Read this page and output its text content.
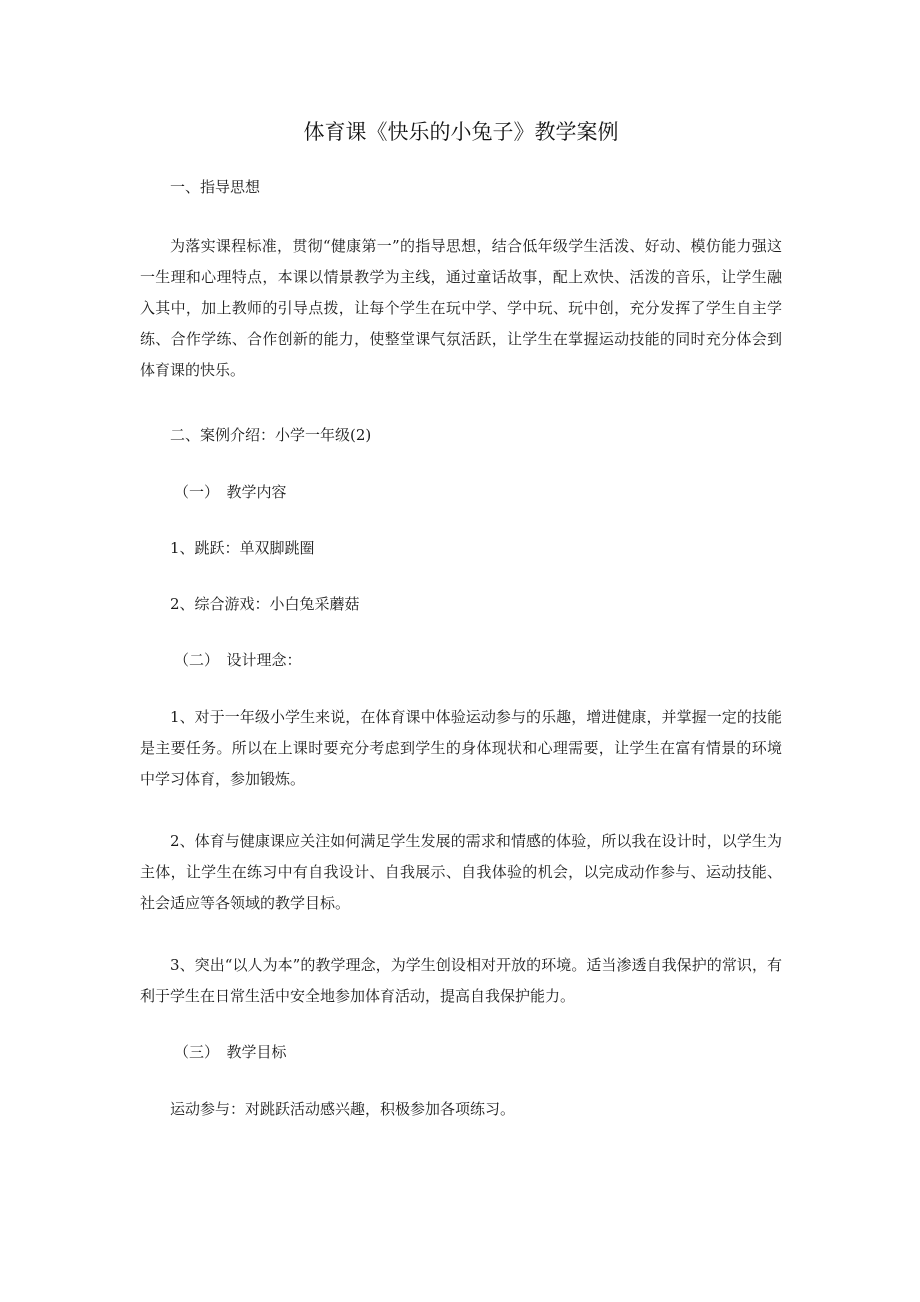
体育课《快乐的小兔子》教学案例

一、指导思想

为落实课程标准，贯彻“健康第一”的指导思想，结合低年级学生活泼、好动、模仿能力强这一生理和心理特点，本课以情景教学为主线，通过童话故事，配上欢快、活泼的音乐，让学生融入其中，加上教师的引导点拨，让每个学生在玩中学、学中玩、玩中创，充分发挥了学生自主学练、合作学练、合作创新的能力，使整堂课气氛活跃，让学生在掌握运动技能的同时充分体会到体育课的快乐。

二、案例介绍：小学一年级(2)

（一）　教学内容

1、跳跃：单双脚跳圈

2、综合游戏：小白兔采蘑菇

（二）　设计理念：

1、对于一年级小学生来说，在体育课中体验运动参与的乐趣，增进健康，并掌握一定的技能是主要任务。所以在上课时要充分考虑到学生的身体现状和心理需要，让学生在富有情景的环境中学习体育，参加锻炼。

2、体育与健康课应关注如何满足学生发展的需求和情感的体验，所以我在设计时，以学生为主体，让学生在练习中有自我设计、自我展示、自我体验的机会，以完成动作参与、运动技能、社会适应等各领域的教学目标。

3、突出“以人为本”的教学理念，为学生创设相对开放的环境。适当渗透自我保护的常识，有利于学生在日常生活中安全地参加体育活动，提高自我保护能力。

（三）　教学目标

运动参与：对跳跃活动感兴趣，积极参加各项练习。
